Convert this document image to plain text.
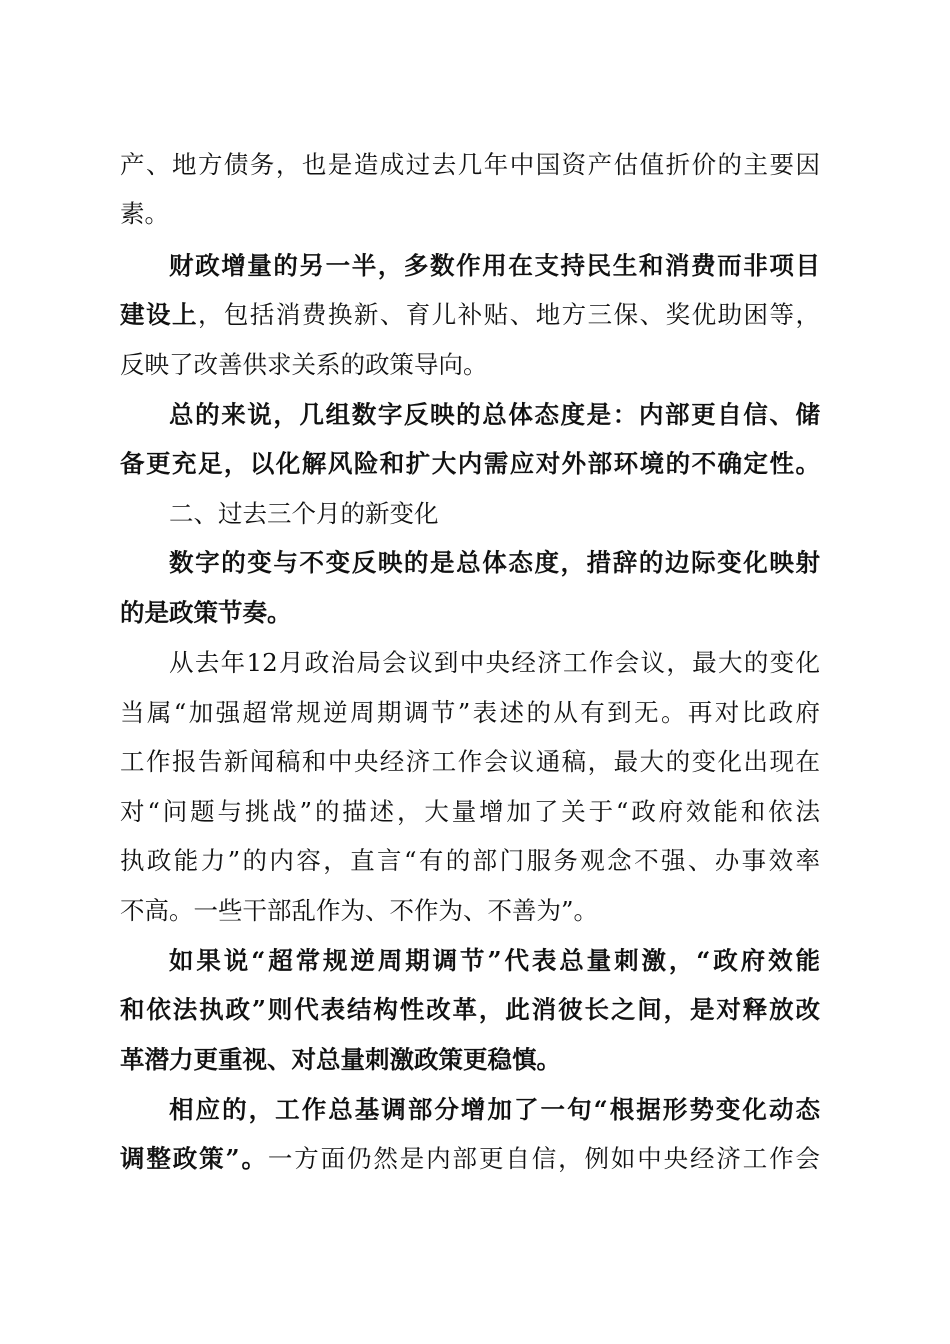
产、地方债务，也是造成过去几年中国资产估值折价的主要因
素。
财政增量的另一半，多数作用在支持民生和消费而非项目
建设上，包括消费换新、育儿补贴、地方三保、奖优助困等，
反映了改善供求关系的政策导向。
总的来说，几组数字反映的总体态度是：内部更自信、储
备更充足，以化解风险和扩大内需应对外部环境的不确定性。
二、过去三个月的新变化
数字的变与不变反映的是总体态度，措辞的边际变化映射
的是政策节奏。
从去年12月政治局会议到中央经济工作会议，最大的变化
当属“加强超常规逆周期调节”表述的从有到无。再对比政府
工作报告新闻稿和中央经济工作会议通稿，最大的变化出现在
对“问题与挑战”的描述，大量增加了关于“政府效能和依法
执政能力”的内容，直言“有的部门服务观念不强、办事效率
不高。一些干部乱作为、不作为、不善为”。
如果说“超常规逆周期调节”代表总量刺激，“政府效能
和依法执政”则代表结构性改革，此消彼长之间，是对释放改
革潜力更重视、对总量刺激政策更稳慎。
相应的，工作总基调部分增加了一句“根据形势变化动态
调整政策”。一方面仍然是内部更自信，例如中央经济工作会
